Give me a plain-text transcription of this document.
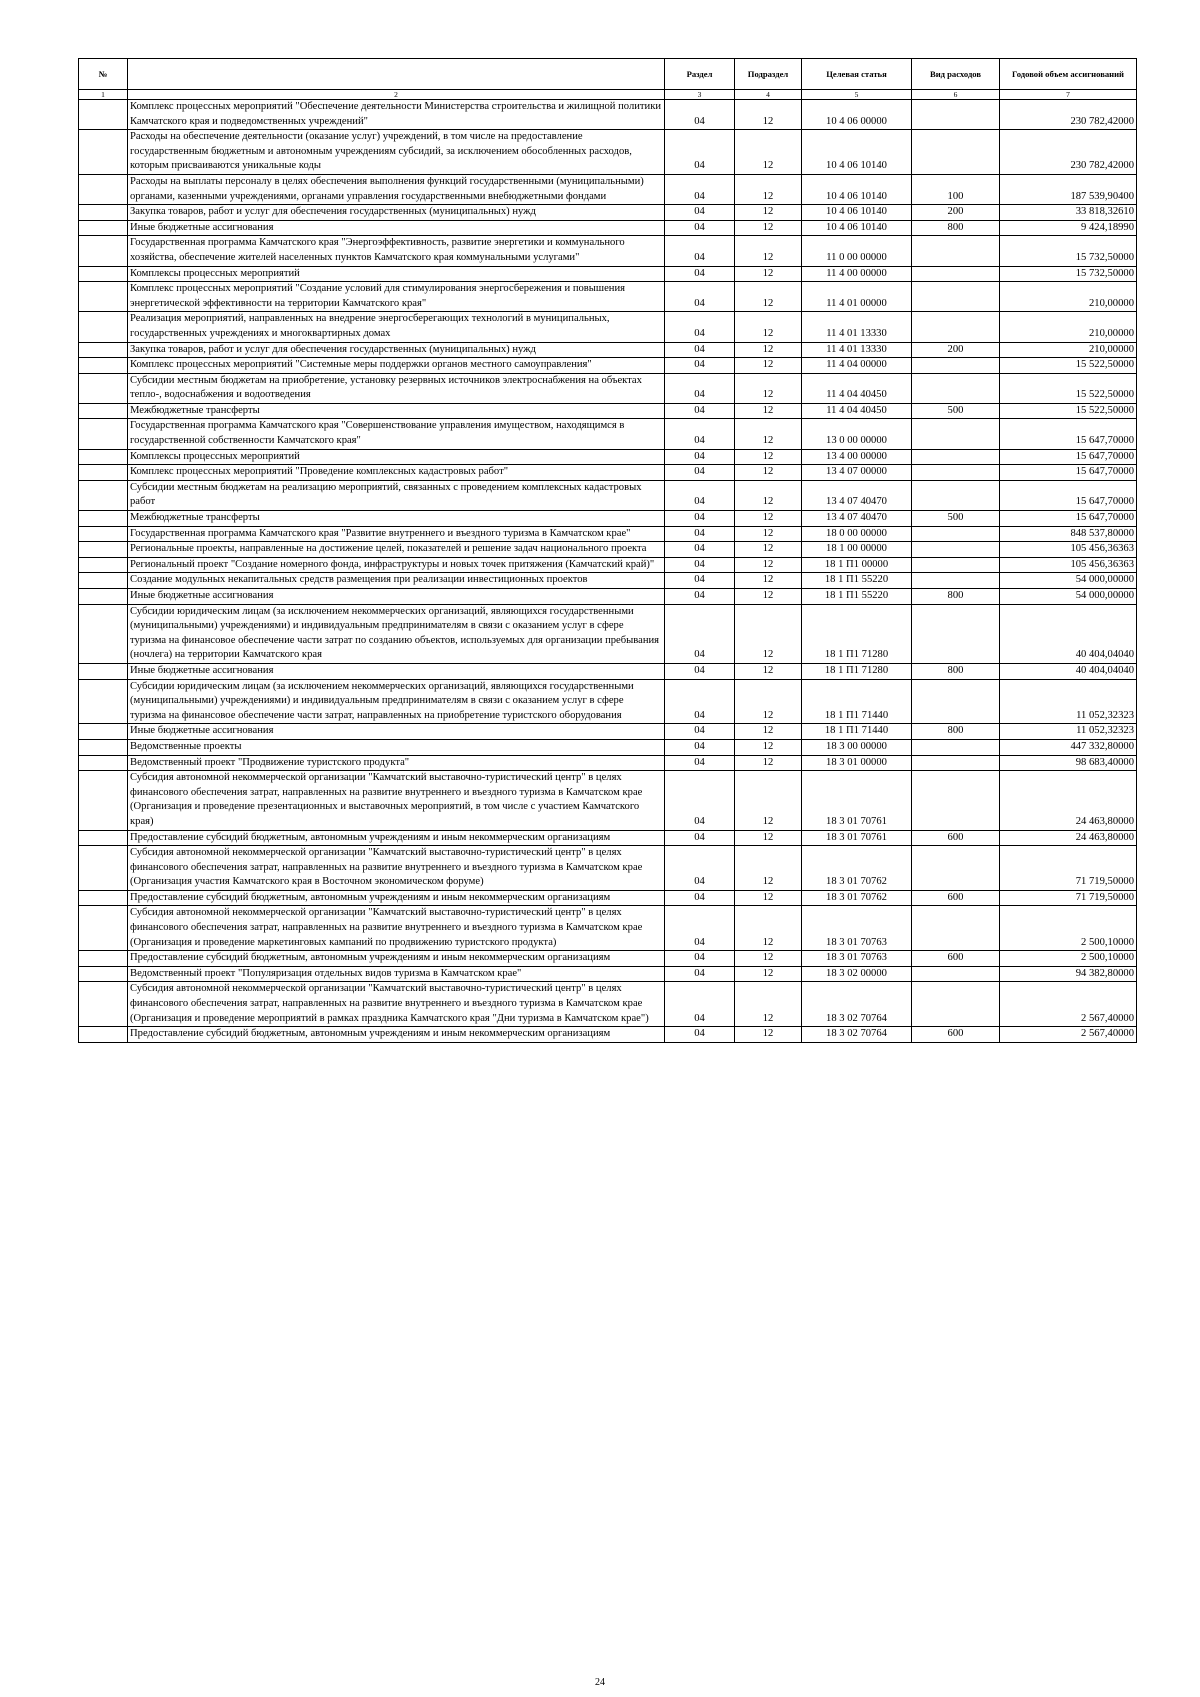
№		Раздел	Подраздел	Целевая статья	Вид расходов	Годовой объем ассигнований
1	2	3	4	5	6	7
	Комплекс процессных мероприятий "Обеспечение деятельности Министерства строительства и жилищной политики Камчатского края и подведомственных учреждений"	04	12	10 4 06 00000		230 782,42000
	Расходы на обеспечение деятельности (оказание услуг) учреждений, в том числе на предоставление государственным бюджетным и автономным учреждениям субсидий, за исключением обособленных расходов, которым присваиваются уникальные коды	04	12	10 4 06 10140		230 782,42000
	Расходы на выплаты персоналу в целях обеспечения выполнения функций государственными (муниципальными) органами, казенными учреждениями, органами управления государственными внебюджетными фондами	04	12	10 4 06 10140	100	187 539,90400
	Закупка товаров, работ и услуг для обеспечения государственных (муниципальных) нужд	04	12	10 4 06 10140	200	33 818,32610
	Иные бюджетные ассигнования	04	12	10 4 06 10140	800	9 424,18990
	Государственная программа Камчатского края "Энергоэффективность, развитие энергетики и коммунального хозяйства, обеспечение жителей населенных пунктов Камчатского края коммунальными услугами"	04	12	11 0 00 00000		15 732,50000
	Комплексы процессных мероприятий	04	12	11 4 00 00000		15 732,50000
	Комплекс процессных мероприятий "Создание условий для стимулирования энергосбережения и повышения энергетической эффективности на территории Камчатского края"	04	12	11 4 01 00000		210,00000
	Реализация мероприятий, направленных на внедрение энергосберегающих технологий в муниципальных, государственных учреждениях и многоквартирных домах	04	12	11 4 01 13330		210,00000
	Закупка товаров, работ и услуг для обеспечения государственных (муниципальных) нужд	04	12	11 4 01 13330	200	210,00000
	Комплекс процессных мероприятий "Системные меры поддержки органов местного самоуправления"	04	12	11 4 04 00000		15 522,50000
	Субсидии местным бюджетам на приобретение, установку резервных источников электроснабжения на объектах тепло-, водоснабжения и водоотведения	04	12	11 4 04 40450		15 522,50000
	Межбюджетные трансферты	04	12	11 4 04 40450	500	15 522,50000
	Государственная программа Камчатского края "Совершенствование управления имуществом, находящимся в государственной собственности Камчатского края"	04	12	13 0 00 00000		15 647,70000
	Комплексы процессных мероприятий	04	12	13 4 00 00000		15 647,70000
	Комплекс процессных мероприятий "Проведение комплексных кадастровых работ"	04	12	13 4 07 00000		15 647,70000
	Субсидии местным бюджетам на реализацию мероприятий, связанных с проведением комплексных кадастровых работ	04	12	13 4 07 40470		15 647,70000
	Межбюджетные трансферты	04	12	13 4 07 40470	500	15 647,70000
	Государственная программа Камчатского края "Развитие внутреннего и въездного туризма в Камчатском крае"	04	12	18 0 00 00000		848 537,80000
	Региональные проекты, направленные на достижение целей, показателей и решение задач национального проекта	04	12	18 1 00 00000		105 456,36363
	Региональный проект "Создание номерного фонда, инфраструктуры и новых точек притяжения (Камчатский край)"	04	12	18 1 П1 00000		105 456,36363
	Создание модульных некапитальных средств размещения при реализации инвестиционных проектов	04	12	18 1 П1 55220		54 000,00000
	Иные бюджетные ассигнования	04	12	18 1 П1 55220	800	54 000,00000
	Субсидии юридическим лицам (за исключением некоммерческих организаций, являющихся государственными (муниципальными) учреждениями) и индивидуальным предпринимателям в связи с оказанием услуг в сфере туризма на финансовое обеспечение части затрат по созданию объектов, используемых для организации пребывания (ночлега) на территории Камчатского края	04	12	18 1 П1 71280		40 404,04040
	Иные бюджетные ассигнования	04	12	18 1 П1 71280	800	40 404,04040
	Субсидии юридическим лицам (за исключением некоммерческих организаций, являющихся государственными (муниципальными) учреждениями) и индивидуальным предпринимателям в связи с оказанием услуг в сфере туризма на финансовое обеспечение части затрат, направленных на приобретение туристского оборудования	04	12	18 1 П1 71440		11 052,32323
	Иные бюджетные ассигнования	04	12	18 1 П1 71440	800	11 052,32323
	Ведомственные проекты	04	12	18 3 00 00000		447 332,80000
	Ведомственный проект "Продвижение туристского продукта"	04	12	18 3 01 00000		98 683,40000
	Субсидия автономной некоммерческой организации "Камчатский выставочно-туристический центр" в целях финансового обеспечения затрат, направленных на развитие внутреннего и въездного туризма в Камчатском крае (Организация и проведение презентационных и выставочных мероприятий, в том числе с участием Камчатского края)	04	12	18 3 01 70761		24 463,80000
	Предоставление субсидий бюджетным, автономным учреждениям и иным некоммерческим организациям	04	12	18 3 01 70761	600	24 463,80000
	Субсидия автономной некоммерческой организации "Камчатский выставочно-туристический центр" в целях финансового обеспечения затрат, направленных на развитие внутреннего и въездного туризма в Камчатском крае (Организация участия Камчатского края в Восточном экономическом форуме)	04	12	18 3 01 70762		71 719,50000
	Предоставление субсидий бюджетным, автономным учреждениям и иным некоммерческим организациям	04	12	18 3 01 70762	600	71 719,50000
	Субсидия автономной некоммерческой организации "Камчатский выставочно-туристический центр" в целях финансового обеспечения затрат, направленных на развитие внутреннего и въездного туризма в Камчатском крае (Организация и проведение маркетинговых кампаний по продвижению туристского продукта)	04	12	18 3 01 70763		2 500,10000
	Предоставление субсидий бюджетным, автономным учреждениям и иным некоммерческим организациям	04	12	18 3 01 70763	600	2 500,10000
	Ведомственный проект "Популяризация отдельных видов туризма в Камчатском крае"	04	12	18 3 02 00000		94 382,80000
	Субсидия автономной некоммерческой организации "Камчатский выставочно-туристический центр" в целях финансового обеспечения затрат, направленных на развитие внутреннего и въездного туризма в Камчатском крае (Организация и проведение мероприятий в рамках праздника Камчатского края "Дни туризма в Камчатском крае")	04	12	18 3 02 70764		2 567,40000
	Предоставление субсидий бюджетным, автономным учреждениям и иным некоммерческим организациям	04	12	18 3 02 70764	600	2 567,40000
24
